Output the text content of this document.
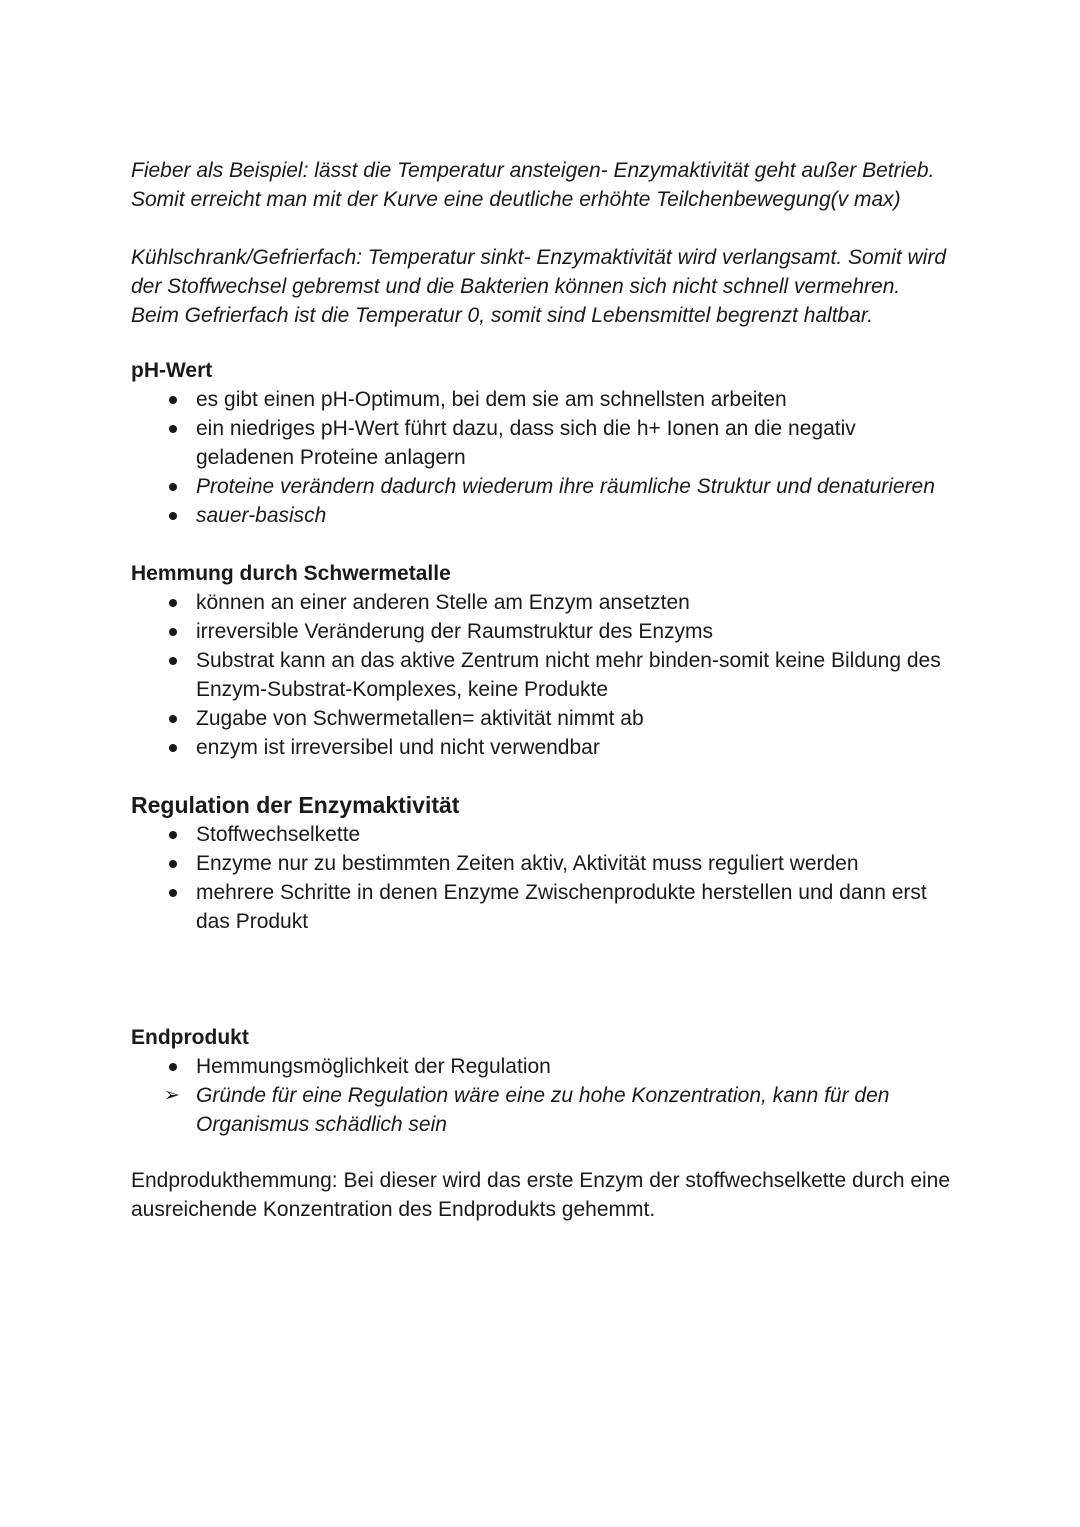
Fieber als Beispiel: lässt die Temperatur ansteigen- Enzymaktivität geht außer Betrieb. Somit erreicht man mit der Kurve eine deutliche erhöhte Teilchenbewegung(v max)

Kühlschrank/Gefrierfach: Temperatur sinkt- Enzymaktivität wird verlangsamt. Somit wird der Stoffwechsel gebremst und die Bakterien können sich nicht schnell vermehren. Beim Gefrierfach ist die Temperatur 0, somit sind Lebensmittel begrenzt haltbar.

pH-Wert
es gibt einen pH-Optimum, bei dem sie am schnellsten arbeiten
ein niedriges pH-Wert führt dazu, dass sich die h+ Ionen an die negativ geladenen Proteine anlagern
Proteine verändern dadurch wiederum ihre räumliche Struktur und denaturieren
sauer-basisch
Hemmung durch Schwermetalle
können an einer anderen Stelle am Enzym ansetzten
irreversible Veränderung der Raumstruktur des Enzyms
Substrat kann an das aktive Zentrum nicht mehr binden-somit keine Bildung des Enzym-Substrat-Komplexes, keine Produkte
Zugabe von Schwermetallen= aktivität nimmt ab
enzym ist irreversibel und nicht verwendbar
Regulation der Enzymaktivität
Stoffwechselkette
Enzyme nur zu bestimmten Zeiten aktiv, Aktivität muss reguliert werden
mehrere Schritte in denen Enzyme Zwischenprodukte herstellen und dann erst das Produkt
Endprodukt
Hemmungsmöglichkeit der Regulation
➢ Gründe für eine Regulation wäre eine zu hohe Konzentration, kann für den Organismus schädlich sein

Endprodukthemmung: Bei dieser wird das erste Enzym der stoffwechselkette durch eine ausreichende Konzentration des Endprodukts gehemmt.
